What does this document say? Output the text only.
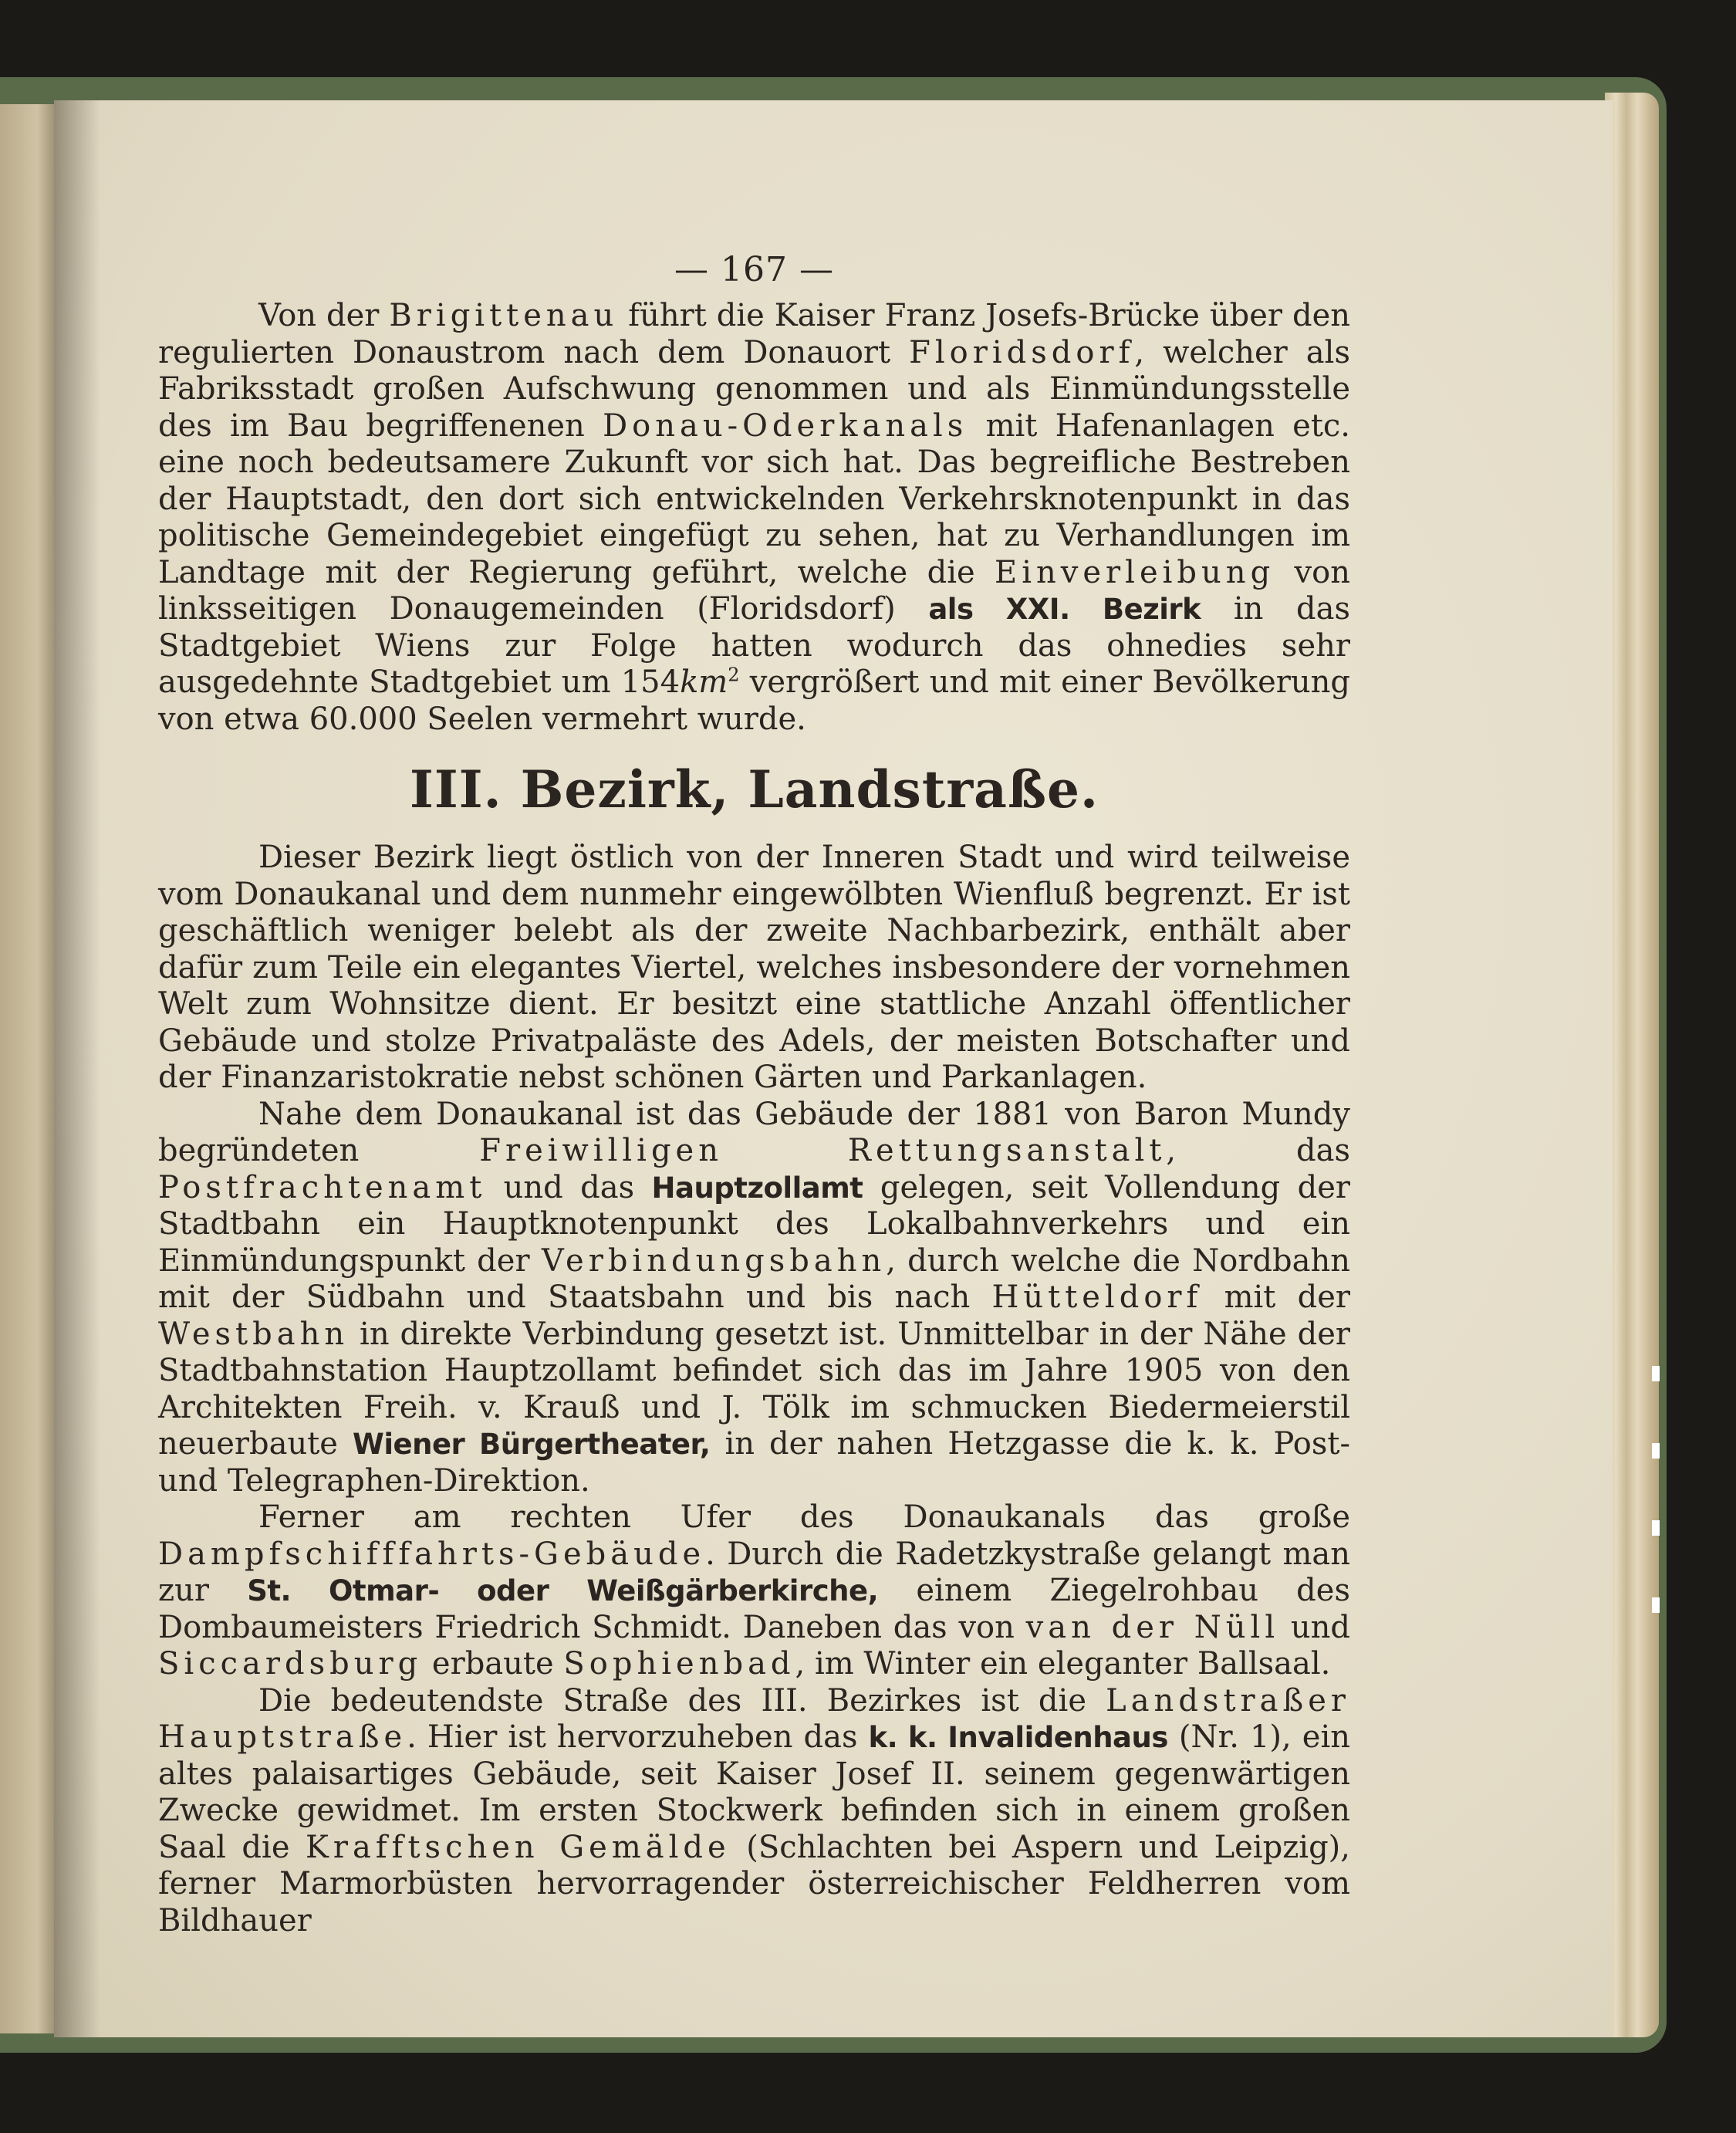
— 167 —

Von der Brigittenau führt die Kaiser Franz Josefs-Brücke über den regulierten Donaustrom nach dem Donauort Floridsdorf, welcher als Fabriksstadt großen Aufschwung genommen und als Einmündungsstelle des im Bau begriffenenen Donau-Oderkanals mit Hafenanlagen etc. eine noch bedeutsamere Zukunft vor sich hat. Das begreifliche Bestreben der Hauptstadt, den dort sich entwickelnden Verkehrsknotenpunkt in das politische Gemeindegebiet eingefügt zu sehen, hat zu Verhandlungen im Landtage mit der Regierung geführt, welche die Einverleibung von linksseitigen Donaugemeinden (Floridsdorf) als XXI. Bezirk in das Stadtgebiet Wiens zur Folge hatten wodurch das ohnedies sehr ausgedehnte Stadtgebiet um $154km^2$ vergrößert und mit einer Bevölkerung von etwa 60.000 Seelen vermehrt wurde.

III. Bezirk, Landstraße.

Dieser Bezirk liegt östlich von der Inneren Stadt und wird teilweise vom Donaukanal und dem nunmehr eingewölbten Wienfluß begrenzt. Er ist geschäftlich weniger belebt als der zweite Nachbarbezirk, enthält aber dafür zum Teile ein elegantes Viertel, welches insbesondere der vornehmen Welt zum Wohnsitze dient. Er besitzt eine stattliche Anzahl öffentlicher Gebäude und stolze Privatpaläste des Adels, der meisten Botschafter und der Finanzaristokratie nebst schönen Gärten und Parkanlagen.

Nahe dem Donaukanal ist das Gebäude der 1881 von Baron Mundy begründeten Freiwilligen Rettungsanstalt, das Postfrachtenamt und das Hauptzollamt gelegen, seit Vollendung der Stadtbahn ein Hauptknotenpunkt des Lokalbahnverkehrs und ein Einmündungspunkt der Verbindungsbahn, durch welche die Nordbahn mit der Südbahn und Staatsbahn und bis nach Hütteldorf mit der Westbahn in direkte Verbindung gesetzt ist. Unmittelbar in der Nähe der Stadtbahnstation Hauptzollamt befindet sich das im Jahre 1905 von den Architekten Freih. v. Krauß und J. Tölk im schmucken Biedermeierstil neuerbaute Wiener Bürgertheater, in der nahen Hetzgasse die k. k. Post- und Telegraphen-Direktion.

Ferner am rechten Ufer des Donaukanals das große Dampfschifffahrts-Gebäude. Durch die Radetzkystraße gelangt man zur St. Otmar- oder Weißgärberkirche, einem Ziegelrohbau des Dombaumeisters Friedrich Schmidt. Daneben das von van der Nüll und Siccardsburg erbaute Sophienbad, im Winter ein eleganter Ballsaal.

Die bedeutendste Straße des III. Bezirkes ist die Landstraßer Hauptstraße. Hier ist hervorzuheben das k. k. Invalidenhaus (Nr. 1), ein altes palaisartiges Gebäude, seit Kaiser Josef II. seinem gegenwärtigen Zwecke gewidmet. Im ersten Stockwerk befinden sich in einem großen Saal die Krafftschen Gemälde (Schlachten bei Aspern und Leipzig), ferner Marmorbüsten hervorragender österreichischer Feldherren vom Bildhauer
